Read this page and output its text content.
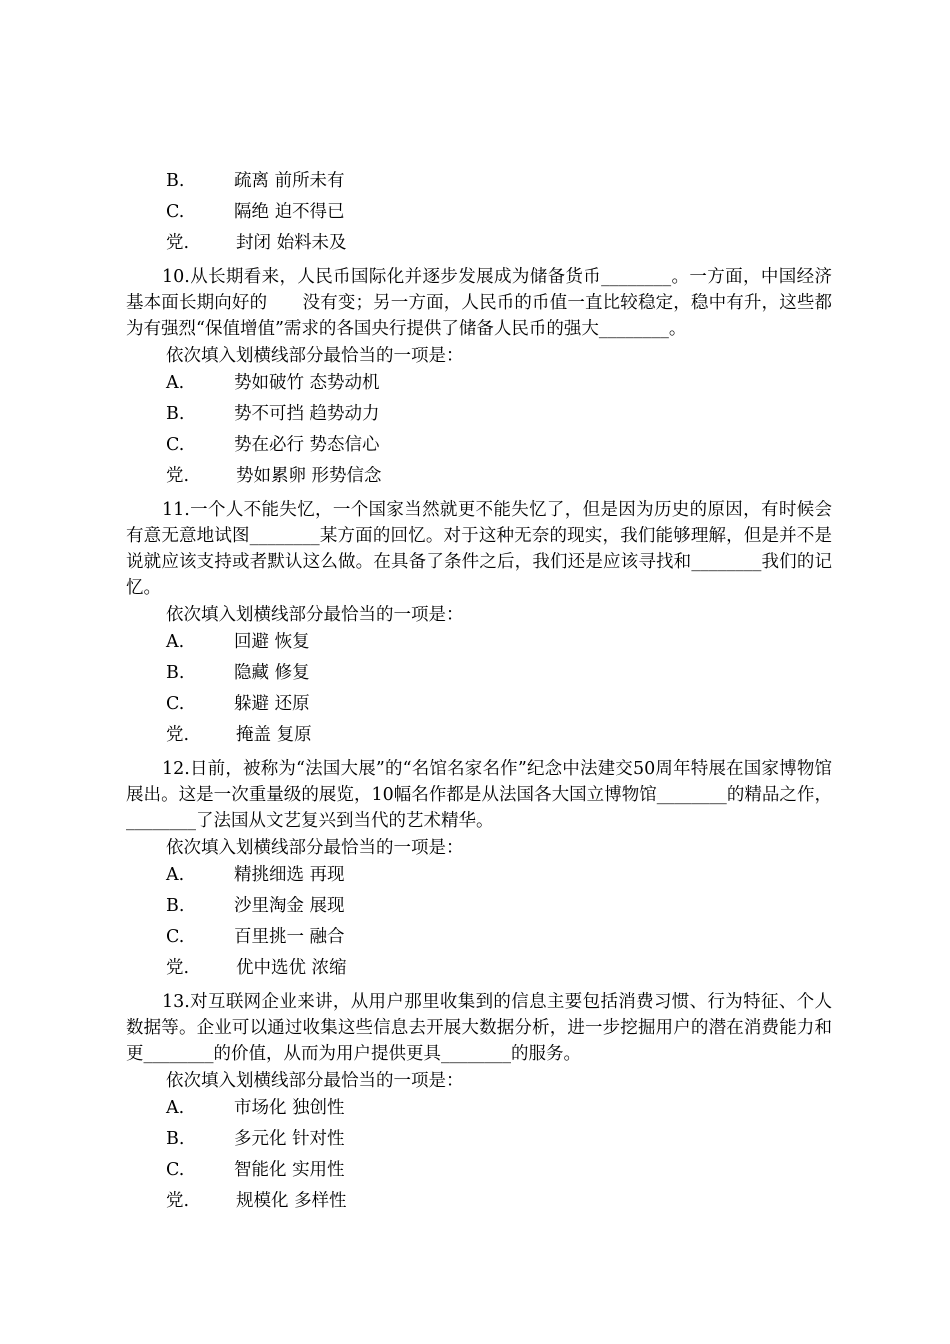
B.	疏离 前所未有
C.	隔绝 迫不得已
党.	封闭 始料未及

10.从长期看来，人民币国际化并逐步发展成为储备货币________。一方面，中国经济基本面长期向好的　　没有变；另一方面，人民币的币值一直比较稳定，稳中有升，这些都为有强烈“保值增值”需求的各国央行提供了储备人民币的强大________。

依次填入划横线部分最恰当的一项是：
A.	势如破竹 态势动机
B.	势不可挡 趋势动力
C.	势在必行 势态信心
党.	势如累卵 形势信念

11.一个人不能失忆，一个国家当然就更不能失忆了，但是因为历史的原因，有时候会有意无意地试图________某方面的回忆。对于这种无奈的现实，我们能够理解，但是并不是说就应该支持或者默认这么做。在具备了条件之后，我们还是应该寻找和________我们的记忆。

依次填入划横线部分最恰当的一项是：
A.	回避 恢复
B.	隐藏 修复
C.	躲避 还原
党.	掩盖 复原

12.日前，被称为“法国大展”的“名馆名家名作”纪念中法建交50周年特展在国家博物馆展出。这是一次重量级的展览，10幅名作都是从法国各大国立博物馆________的精品之作，________了法国从文艺复兴到当代的艺术精华。

依次填入划横线部分最恰当的一项是：
A.	精挑细选 再现
B.	沙里淘金 展现
C.	百里挑一 融合
党.	优中选优 浓缩

13.对互联网企业来讲，从用户那里收集到的信息主要包括消费习惯、行为特征、个人数据等。企业可以通过收集这些信息去开展大数据分析，进一步挖掘用户的潜在消费能力和更________的价值，从而为用户提供更具________的服务。

依次填入划横线部分最恰当的一项是：
A.	市场化 独创性
B.	多元化 针对性
C.	智能化 实用性
党.	规模化 多样性
